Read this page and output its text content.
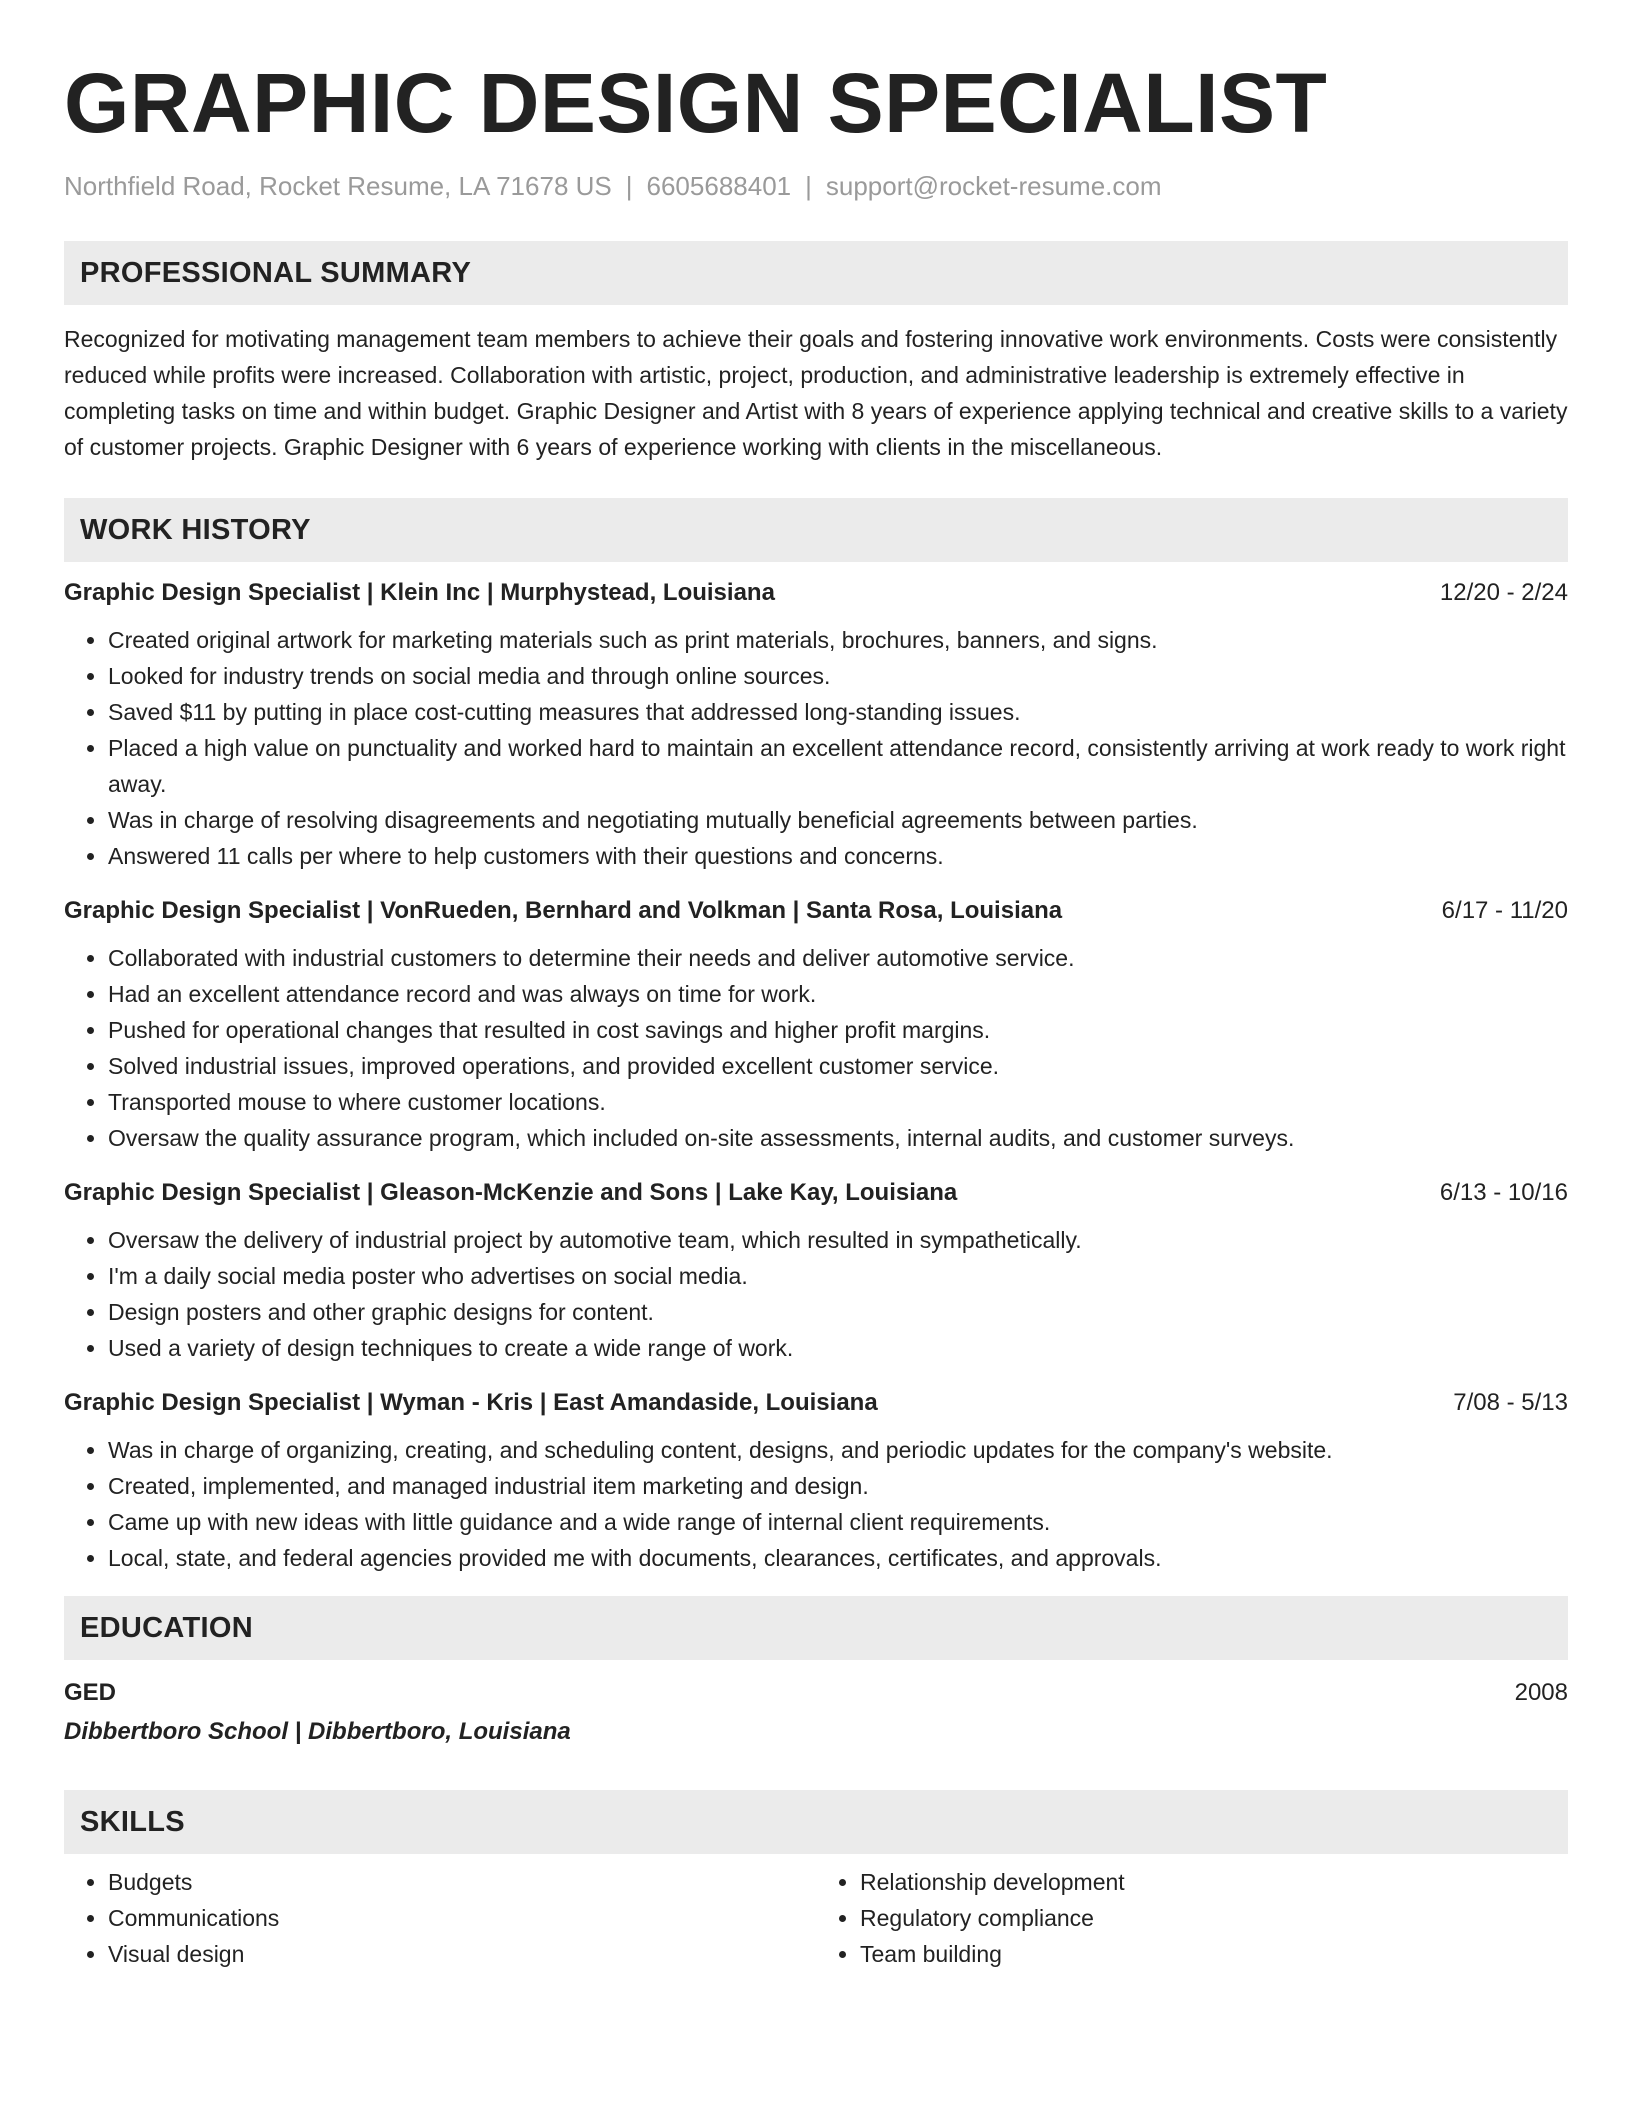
GRAPHIC DESIGN SPECIALIST
Northfield Road, Rocket Resume, LA 71678 US | 6605688401 | support@rocket-resume.com
PROFESSIONAL SUMMARY

Recognized for motivating management team members to achieve their goals and fostering innovative work environments. Costs were consistently reduced while profits were increased. Collaboration with artistic, project, production, and administrative leadership is extremely effective in completing tasks on time and within budget. Graphic Designer and Artist with 8 years of experience applying technical and creative skills to a variety of customer projects. Graphic Designer with 6 years of experience working with clients in the miscellaneous.

WORK HISTORY
Graphic Design Specialist | Klein Inc | Murphystead, Louisiana	12/20 - 2/24
• Created original artwork for marketing materials such as print materials, brochures, banners, and signs.
• Looked for industry trends on social media and through online sources.
• Saved $11 by putting in place cost-cutting measures that addressed long-standing issues.
• Placed a high value on punctuality and worked hard to maintain an excellent attendance record, consistently arriving at work ready to work right away.
• Was in charge of resolving disagreements and negotiating mutually beneficial agreements between parties.
• Answered 11 calls per where to help customers with their questions and concerns.
Graphic Design Specialist | VonRueden, Bernhard and Volkman | Santa Rosa, Louisiana	6/17 - 11/20
• Collaborated with industrial customers to determine their needs and deliver automotive service.
• Had an excellent attendance record and was always on time for work.
• Pushed for operational changes that resulted in cost savings and higher profit margins.
• Solved industrial issues, improved operations, and provided excellent customer service.
• Transported mouse to where customer locations.
• Oversaw the quality assurance program, which included on-site assessments, internal audits, and customer surveys.
Graphic Design Specialist | Gleason-McKenzie and Sons | Lake Kay, Louisiana	6/13 - 10/16
• Oversaw the delivery of industrial project by automotive team, which resulted in sympathetically.
• I'm a daily social media poster who advertises on social media.
• Design posters and other graphic designs for content.
• Used a variety of design techniques to create a wide range of work.
Graphic Design Specialist | Wyman - Kris | East Amandaside, Louisiana	7/08 - 5/13
• Was in charge of organizing, creating, and scheduling content, designs, and periodic updates for the company's website.
• Created, implemented, and managed industrial item marketing and design.
• Came up with new ideas with little guidance and a wide range of internal client requirements.
• Local, state, and federal agencies provided me with documents, clearances, certificates, and approvals.
EDUCATION
GED	2008
Dibbertboro School | Dibbertboro, Louisiana
SKILLS
• Budgets
• Communications
• Visual design
• Relationship development
• Regulatory compliance
• Team building
